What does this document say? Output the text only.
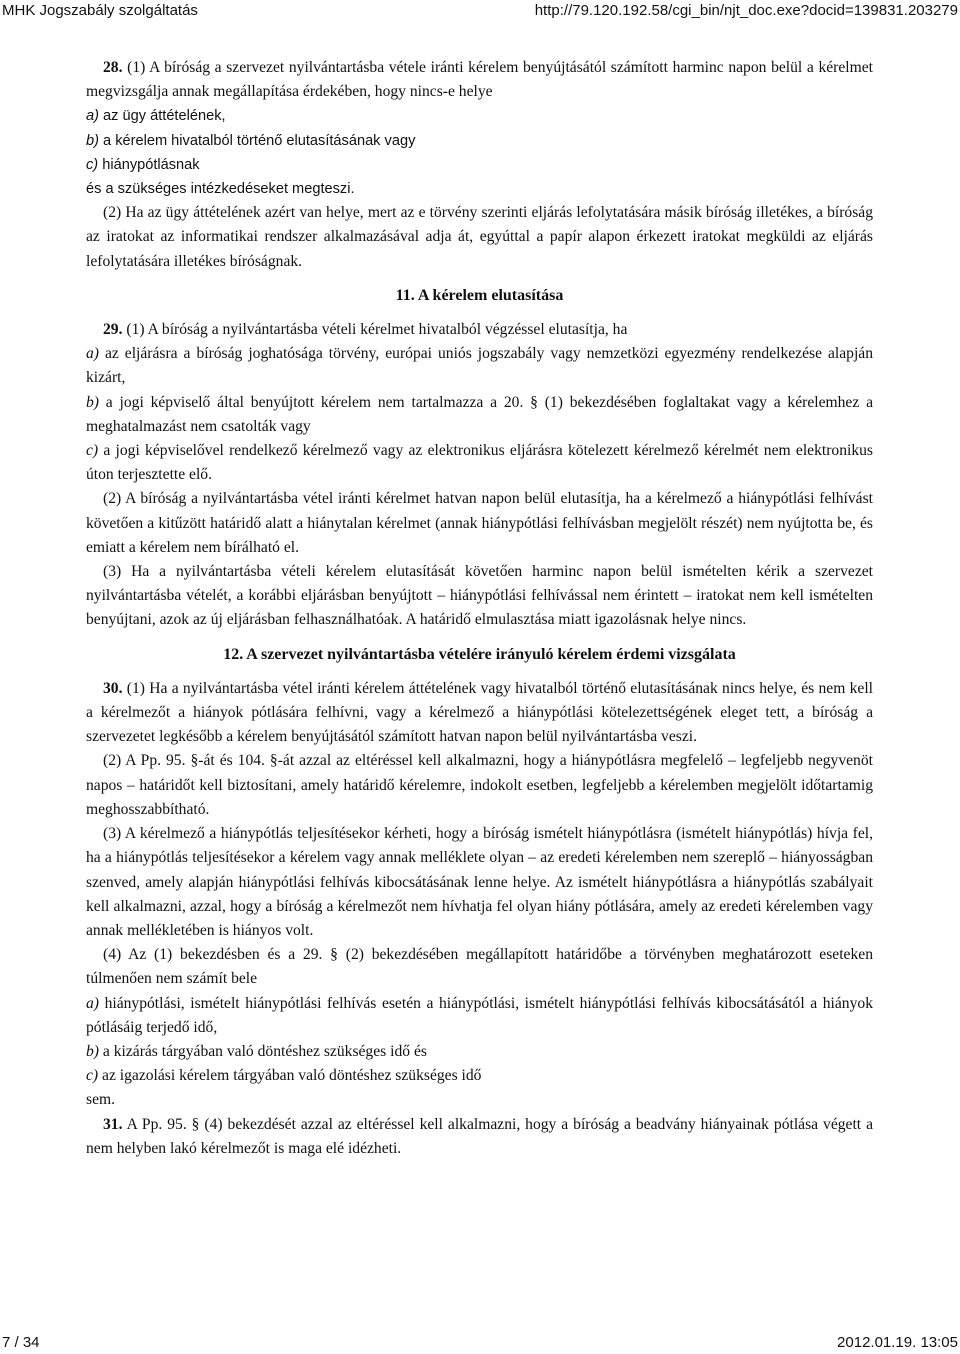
MHK Jogszabály szolgáltatás	http://79.120.192.58/cgi_bin/njt_doc.exe?docid=139831.203279

28. (1) A bíróság a szervezet nyilvántartásba vétele iránti kérelem benyújtásától számított harminc napon belül a kérelmet megvizsgálja annak megállapítása érdekében, hogy nincs-e helye

a) az ügy áttételének,

b) a kérelem hivatalból történő elutasításának vagy

c) hiánypótlásnak

és a szükséges intézkedéseket megteszi.

(2) Ha az ügy áttételének azért van helye, mert az e törvény szerinti eljárás lefolytatására másik bíróság illetékes, a bíróság az iratokat az informatikai rendszer alkalmazásával adja át, egyúttal a papír alapon érkezett iratokat megküldi az eljárás lefolytatására illetékes bíróságnak.

11. A kérelem elutasítása

29. (1) A bíróság a nyilvántartásba vételi kérelmet hivatalból végzéssel elutasítja, ha

a) az eljárásra a bíróság joghatósága törvény, európai uniós jogszabály vagy nemzetközi egyezmény rendelkezése alapján kizárt,

b) a jogi képviselő által benyújtott kérelem nem tartalmazza a 20. § (1) bekezdésében foglaltakat vagy a kérelemhez a meghatalmazást nem csatolták vagy

c) a jogi képviselővel rendelkező kérelmező vagy az elektronikus eljárásra kötelezett kérelmező kérelmét nem elektronikus úton terjesztette elő.

(2) A bíróság a nyilvántartásba vétel iránti kérelmet hatvan napon belül elutasítja, ha a kérelmező a hiánypótlási felhívást követően a kitűzött határidő alatt a hiánytalan kérelmet (annak hiánypótlási felhívásban megjelölt részét) nem nyújtotta be, és emiatt a kérelem nem bírálható el.

(3) Ha a nyilvántartásba vételi kérelem elutasítását követően harminc napon belül ismételten kérik a szervezet nyilvántartásba vételét, a korábbi eljárásban benyújtott – hiánypótlási felhívással nem érintett – iratokat nem kell ismételten benyújtani, azok az új eljárásban felhasználhatóak. A határidő elmulasztása miatt igazolásnak helye nincs.

12. A szervezet nyilvántartásba vételére irányuló kérelem érdemi vizsgálata

30. (1) Ha a nyilvántartásba vétel iránti kérelem áttételének vagy hivatalból történő elutasításának nincs helye, és nem kell a kérelmezőt a hiányok pótlására felhívni, vagy a kérelmező a hiánypótlási kötelezettségének eleget tett, a bíróság a szervezetet legkésőbb a kérelem benyújtásától számított hatvan napon belül nyilvántartásba veszi.

(2) A Pp. 95. §-át és 104. §-át azzal az eltéréssel kell alkalmazni, hogy a hiánypótlásra megfelelő – legfeljebb negyvenöt napos – határidőt kell biztosítani, amely határidő kérelemre, indokolt esetben, legfeljebb a kérelemben megjelölt időtartamig meghosszabbítható.

(3) A kérelmező a hiánypótlás teljesítésekor kérheti, hogy a bíróság ismételt hiánypótlásra (ismételt hiánypótlás) hívja fel, ha a hiánypótlás teljesítésekor a kérelem vagy annak melléklete olyan – az eredeti kérelemben nem szereplő – hiányosságban szenved, amely alapján hiánypótlási felhívás kibocsátásának lenne helye. Az ismételt hiánypótlásra a hiánypótlás szabályait kell alkalmazni, azzal, hogy a bíróság a kérelmezőt nem hívhatja fel olyan hiány pótlására, amely az eredeti kérelemben vagy annak mellékletében is hiányos volt.

(4) Az (1) bekezdésben és a 29. § (2) bekezdésében megállapított határidőbe a törvényben meghatározott eseteken túlmenően nem számít bele

a) hiánypótlási, ismételt hiánypótlási felhívás esetén a hiánypótlási, ismételt hiánypótlási felhívás kibocsátásától a hiányok pótlásáig terjedő idő,

b) a kizárás tárgyában való döntéshez szükséges idő és

c) az igazolási kérelem tárgyában való döntéshez szükséges idő

sem.

31. A Pp. 95. § (4) bekezdését azzal az eltéréssel kell alkalmazni, hogy a bíróság a beadvány hiányainak pótlása végett a nem helyben lakó kérelmezőt is maga elé idézheti.

7 / 34	2012.01.19. 13:05
